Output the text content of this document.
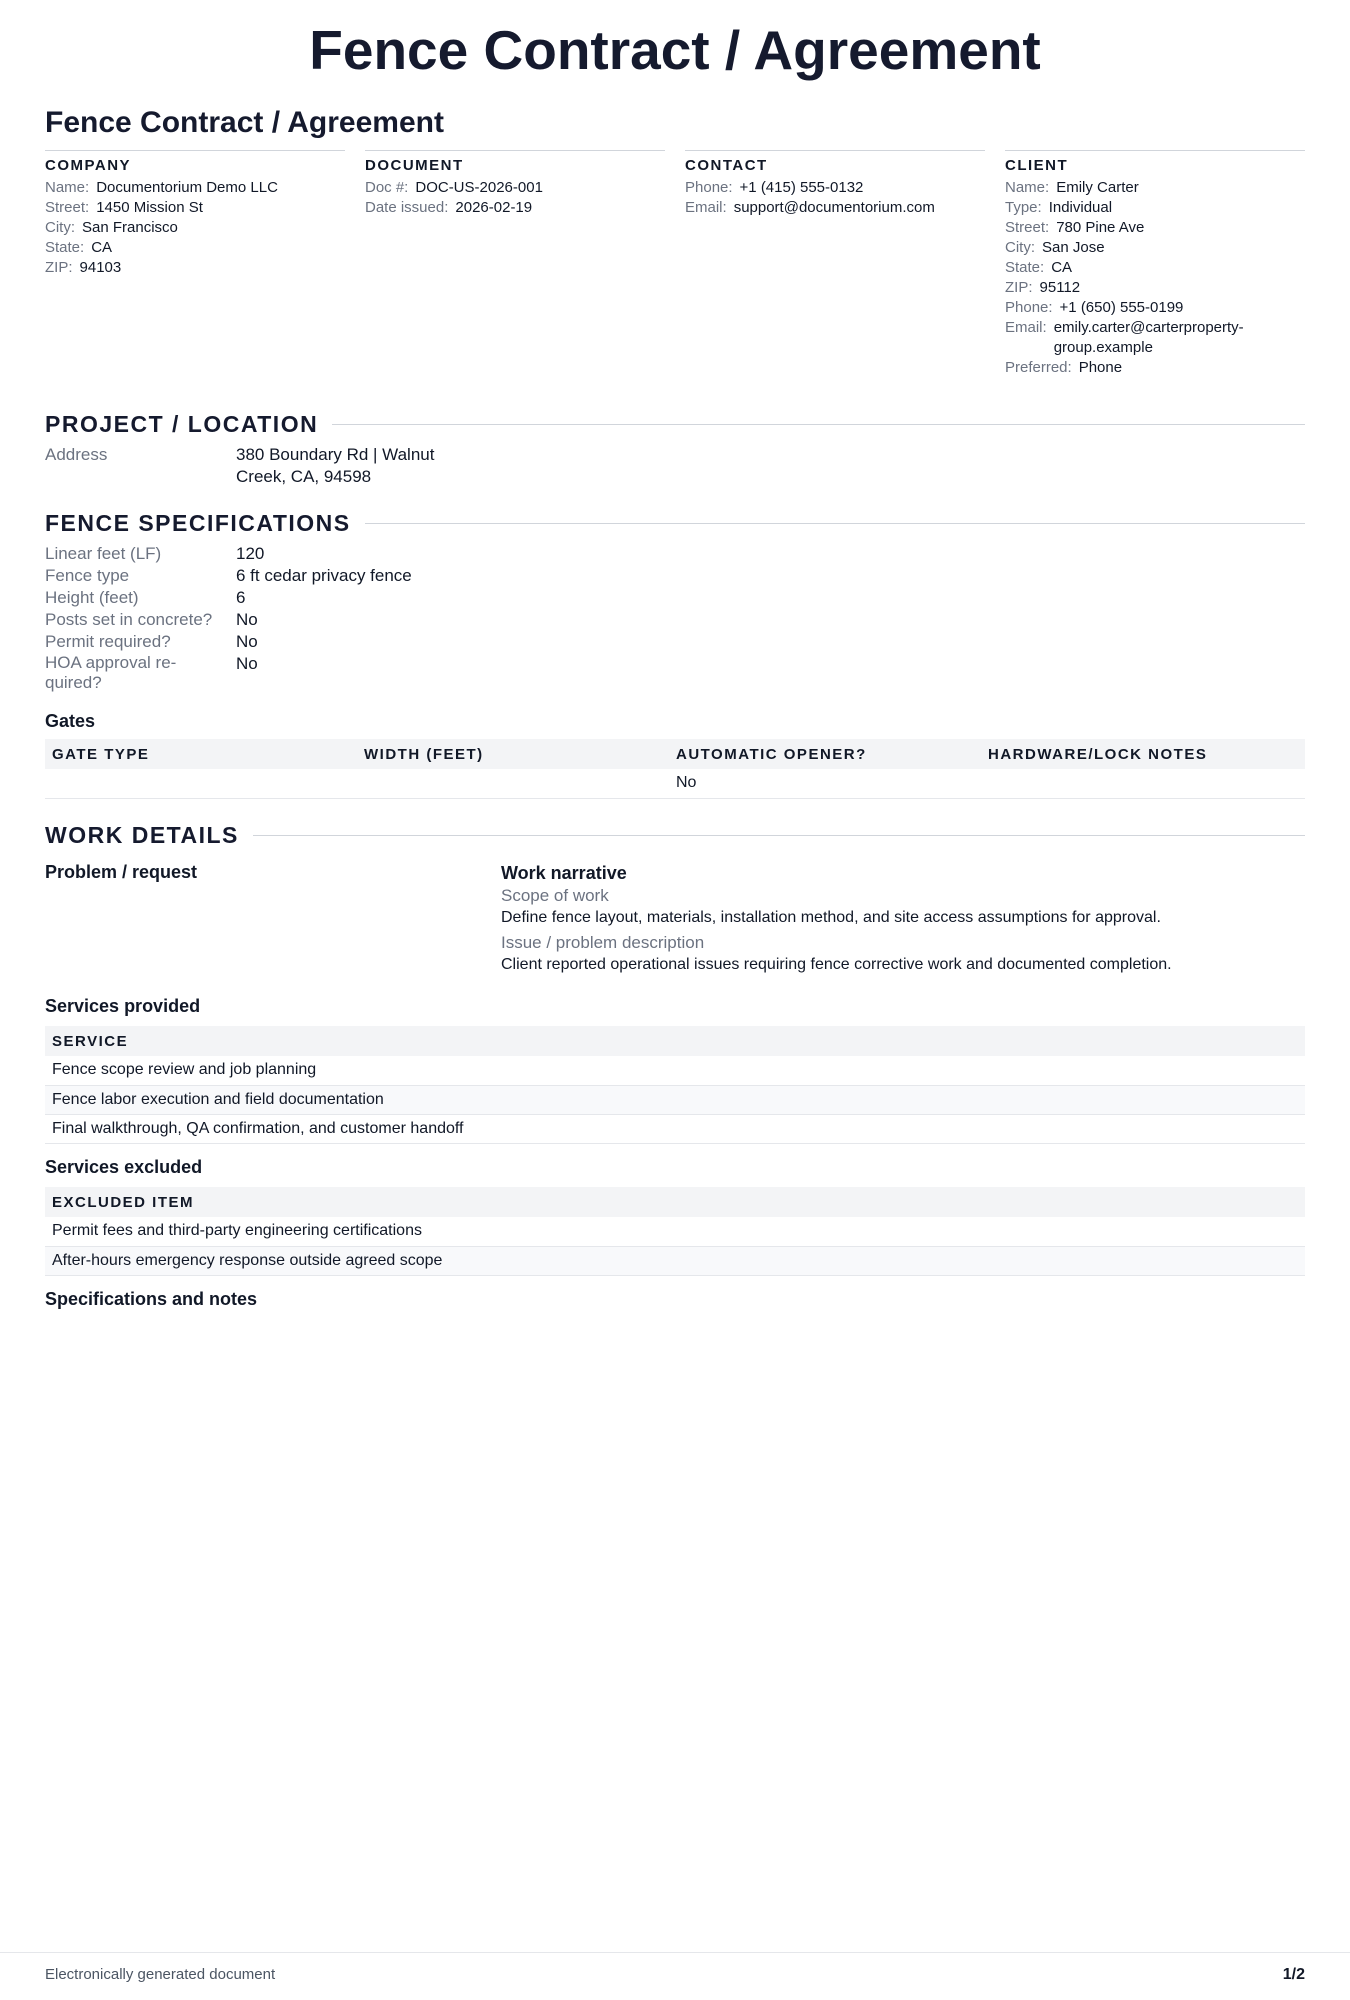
Fence Contract / Agreement
Fence Contract / Agreement
COMPANY
Name: Documentorium Demo LLC
Street: 1450 Mission St
City: San Francisco
State: CA
ZIP: 94103
DOCUMENT
Doc #: DOC-US-2026-001
Date issued: 2026-02-19
CONTACT
Phone: +1 (415) 555-0132
Email: support@documentorium.com
CLIENT
Name: Emily Carter
Type: Individual
Street: 780 Pine Ave
City: San Jose
State: CA
ZIP: 95112
Phone: +1 (650) 555-0199
Email: emily.carter@carterproperty-group.example
Preferred: Phone
PROJECT / LOCATION
Address	380 Boundary Rd | Walnut
Creek, CA, 94598
FENCE SPECIFICATIONS
Linear feet (LF)	120
Fence type	6 ft cedar privacy fence
Height (feet)	6
Posts set in concrete?	No
Permit required?	No
HOA approval re-quired?
No
Gates
GATE TYPE	WIDTH (FEET)	AUTOMATIC OPENER?	HARDWARE/LOCK NOTES
		No	
WORK DETAILS
Problem / request	Work narrative
Scope of work
Define fence layout, materials, installation method, and site access assumptions for approval.
Issue / problem description
Client reported operational issues requiring fence corrective work and documented completion.
Services provided
SERVICE
Fence scope review and job planning
Fence labor execution and field documentation
Final walkthrough, QA confirmation, and customer handoff
Services excluded
EXCLUDED ITEM
Permit fees and third-party engineering certifications
After-hours emergency response outside agreed scope
Specifications and notes
Electronically generated document	1/2
